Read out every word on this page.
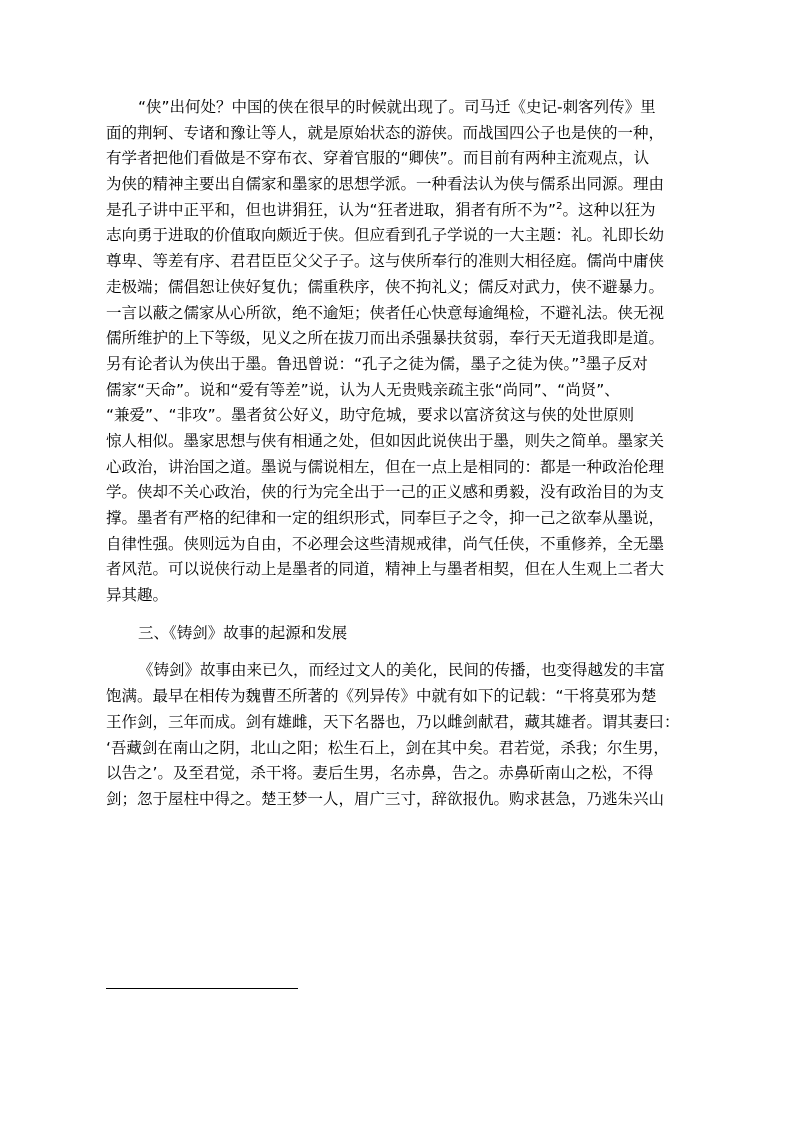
“侠”出何处？中国的侠在很早的时候就出现了。司马迁《史记-刺客列传》里
面的荆轲、专诸和豫让等人，就是原始状态的游侠。而战国四公子也是侠的一种，
有学者把他们看做是不穿布衣、穿着官服的“卿侠”。而目前有两种主流观点，认
为侠的精神主要出自儒家和墨家的思想学派。一种看法认为侠与儒系出同源。理由
是孔子讲中正平和，但也讲狷狂，认为“狂者进取，狷者有所不为”$^2$。这种以狂为
志向勇于进取的价值取向颇近于侠。但应看到孔子学说的一大主题：礼。礼即长幼
尊卑、等差有序、君君臣臣父父子子。这与侠所奉行的准则大相径庭。儒尚中庸侠
走极端；儒倡恕让侠好复仇；儒重秩序，侠不拘礼义；儒反对武力，侠不避暴力。
一言以蔽之儒家从心所欲，绝不逾矩；侠者任心快意每逾绳检，不避礼法。侠无视
儒所维护的上下等级，见义之所在拔刀而出杀强暴扶贫弱，奉行天无道我即是道。
另有论者认为侠出于墨。鲁迅曾说：“孔子之徒为儒，墨子之徒为侠。”$^3$墨子反对
儒家“天命”。说和“爱有等差”说，认为人无贵贱亲疏主张“尚同”、“尚贤”、
“兼爱”、“非攻”。墨者贫公好义，助守危城，要求以富济贫这与侠的处世原则
惊人相似。墨家思想与侠有相通之处，但如因此说侠出于墨，则失之简单。墨家关
心政治，讲治国之道。墨说与儒说相左，但在一点上是相同的：都是一种政治伦理
学。侠却不关心政治，侠的行为完全出于一己的正义感和勇毅，没有政治目的为支
撑。墨者有严格的纪律和一定的组织形式，同奉巨子之令，抑一己之欲奉从墨说，
自律性强。侠则远为自由，不必理会这些清规戒律，尚气任侠，不重修养，全无墨
者风范。可以说侠行动上是墨者的同道，精神上与墨者相契，但在人生观上二者大
异其趣。
三、《铸剑》故事的起源和发展
《铸剑》故事由来已久，而经过文人的美化，民间的传播，也变得越发的丰富
饱满。最早在相传为魏曹丕所著的《列异传》中就有如下的记载：“干将莫邪为楚
王作剑，三年而成。剑有雄雌，天下名器也，乃以雌剑献君，藏其雄者。谓其妻曰：
‘吾藏剑在南山之阴，北山之阳；松生石上，剑在其中矣。君若觉，杀我；尔生男，
以告之’。及至君觉，杀干将。妻后生男，名赤鼻，告之。赤鼻斫南山之松，不得
剑；忽于屋柱中得之。楚王梦一人，眉广三寸，辞欲报仇。购求甚急，乃逃朱兴山
